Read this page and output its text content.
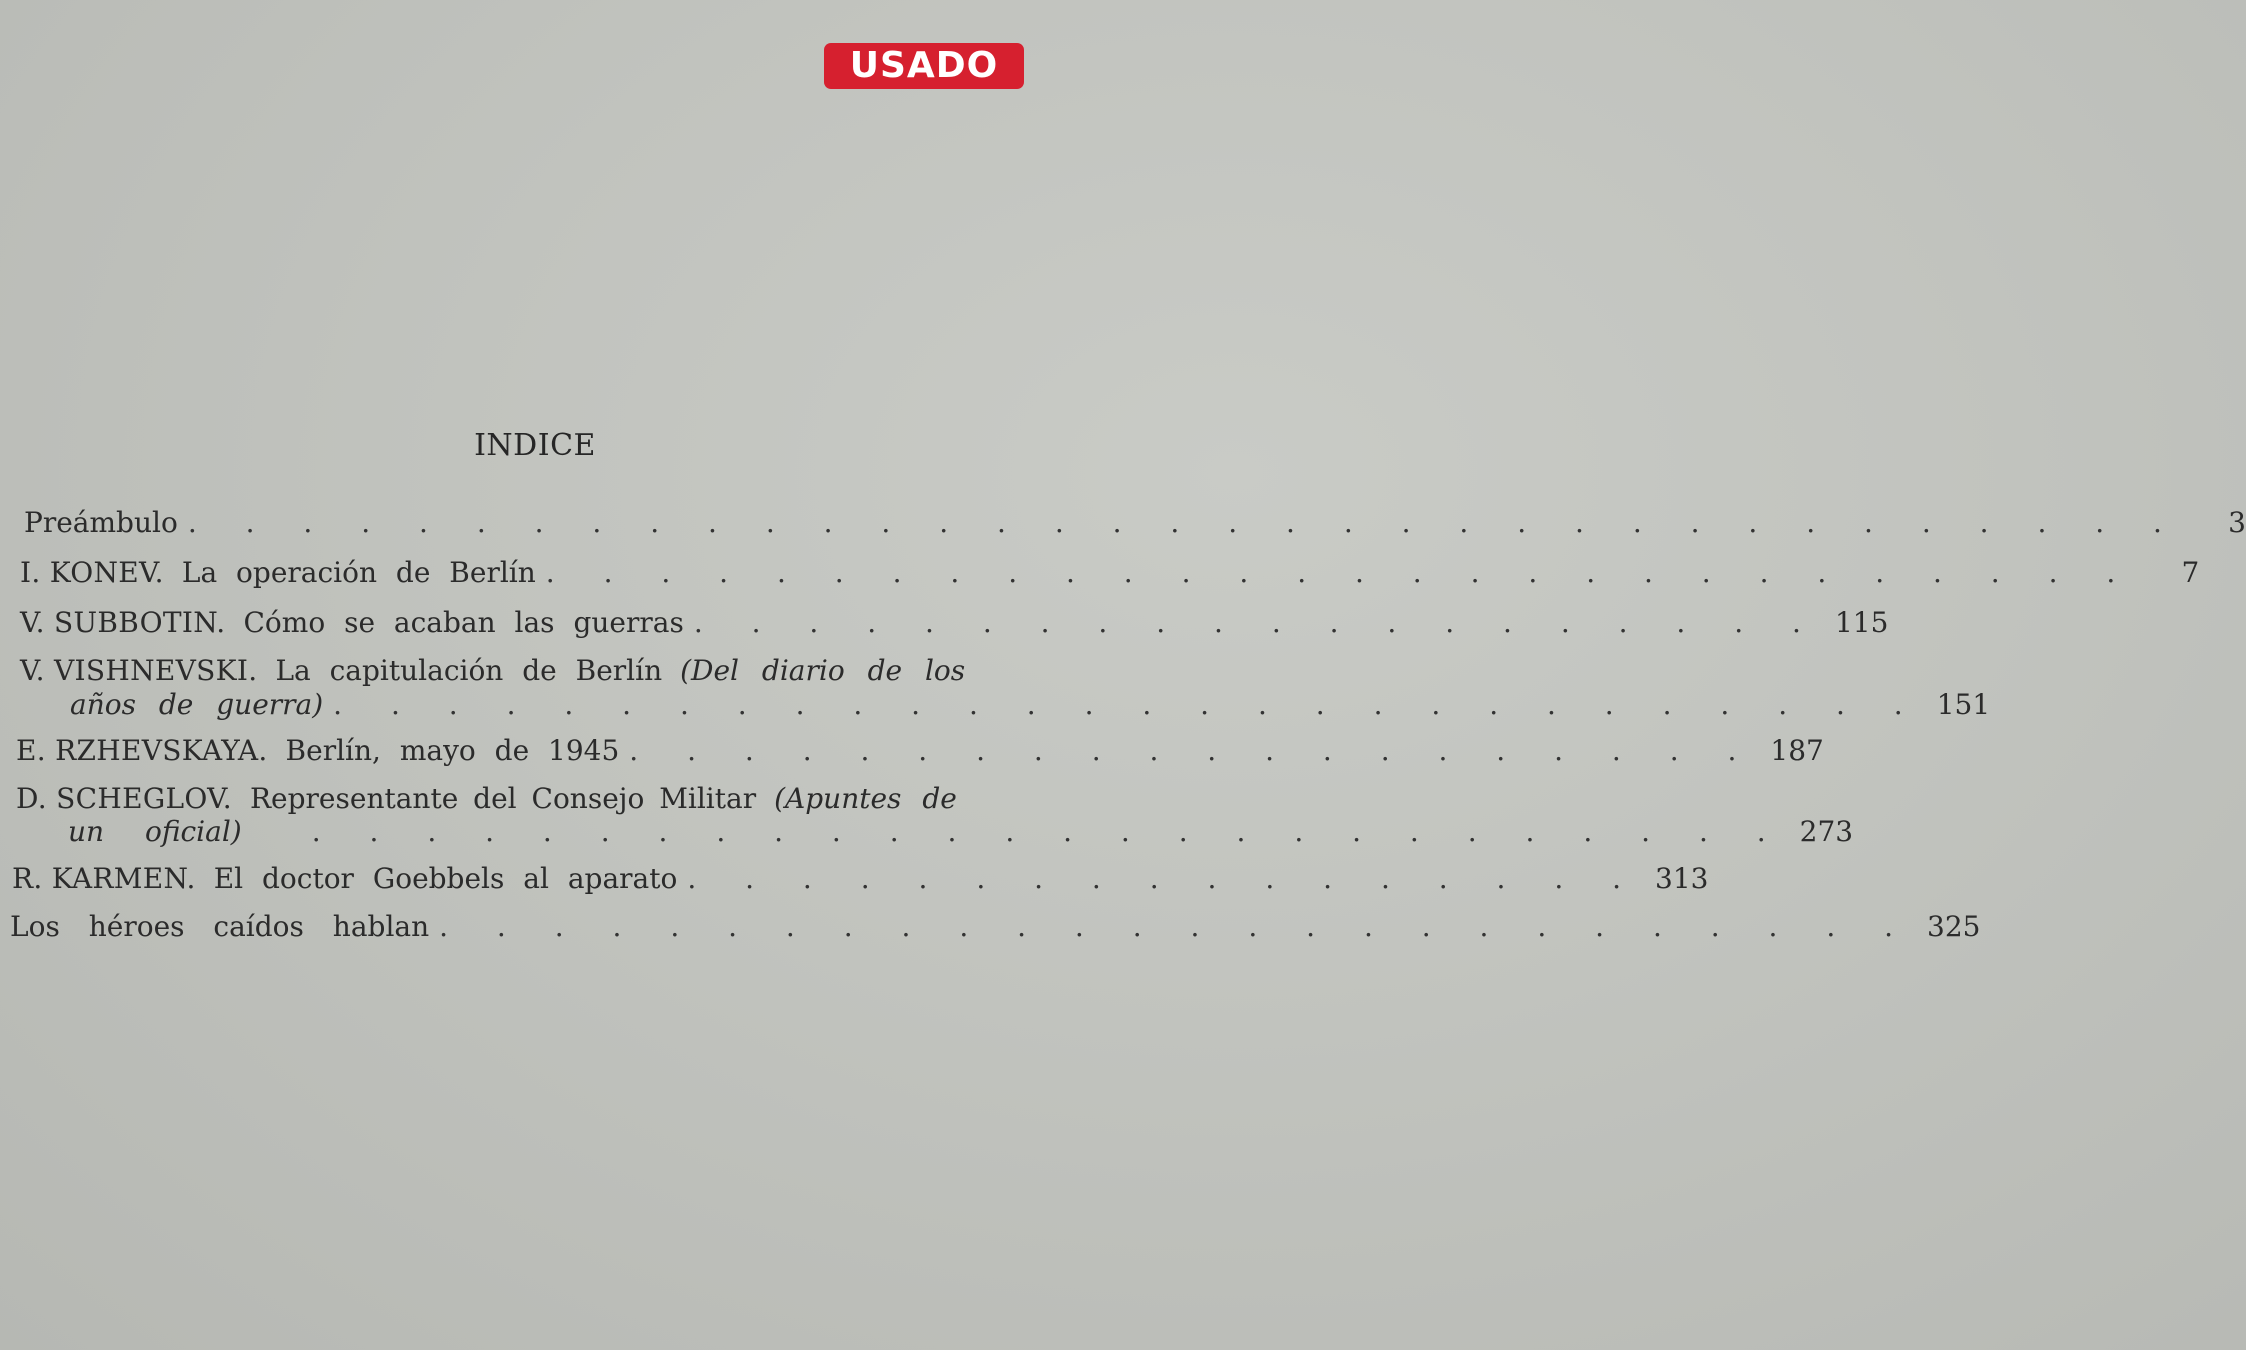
USADO
INDICE
Preámbulo . . . . . . . . . . . . . . . . . . . . . . . . . . . . . . . . . . .	3
I. KONEV. La operación de Berlín . . . . . . . . . . . . . . . . . . . . . . . . . . . .	7
V. SUBBOTIN. Cómo se acaban las guerras . . . . . . . . . . . . . . . . . . . . 115
V. VISHNEVSKI. La capitulación de Berlín (Del diario de los
años de guerra) . . . . . . . . . . . . . . . . . . . . . . . . . . . . 151
E. RZHEVSKAYA. Berlín, mayo de 1945 . . . . . . . . . . . . . . . . . . . . 187
D. SCHEGLOV. Representante del Consejo Militar (Apuntes de
un oficial)	. . . . . . . . . . . . . . . . . . . . . . . . . . 273
R. KARMEN. El doctor Goebbels al aparato . . . . . . . . . . . . . . . . . 313
Los héroes caídos hablan . . . . . . . . . . . . . . . . . . . . . . . . . . 325
